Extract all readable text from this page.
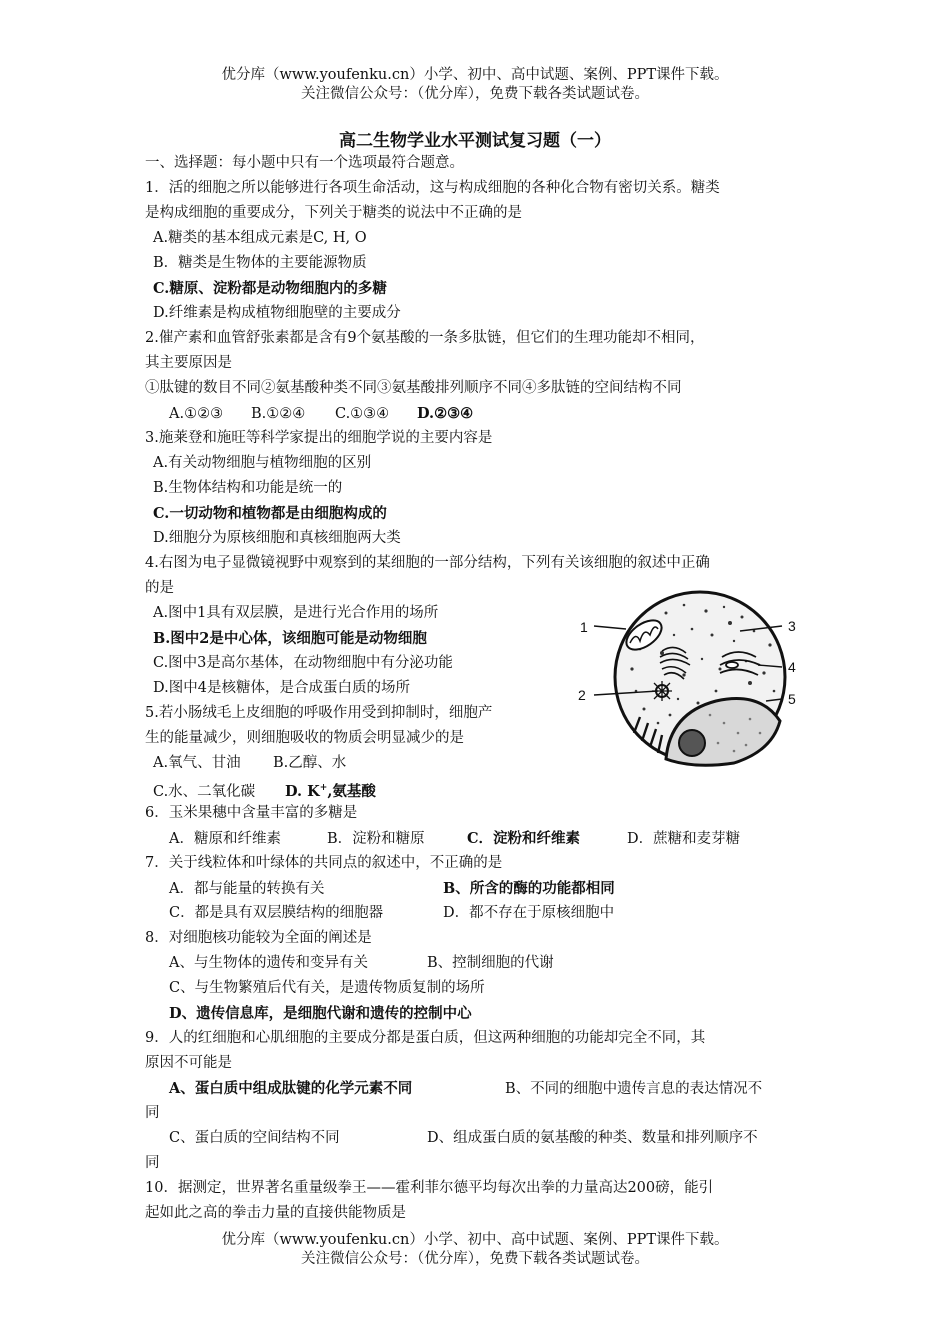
优分库（www.youfenku.cn）小学、初中、高中试题、案例、PPT课件下载。
关注微信公众号：（优分库），免费下载各类试题试卷。
高二生物学业水平测试复习题（一）
一、选择题：每小题中只有一个选项最符合题意。
1．活的细胞之所以能够进行各项生命活动，这与构成细胞的各种化合物有密切关系。糖类
是构成细胞的重要成分，下列关于糖类的说法中不正确的是
A.糖类的基本组成元素是C, H, O
B．糖类是生物体的主要能源物质
C.糖原、淀粉都是动物细胞内的多糖
D.纤维素是构成植物细胞壁的主要成分
2.催产素和血管舒张素都是含有9个氨基酸的一条多肽链，但它们的生理功能却不相同，
其主要原因是
①肽键的数目不同②氨基酸种类不同③氨基酸排列顺序不同④多肽链的空间结构不同
A.①②③ B.①②④ C.①③④ D.②③④
3.施莱登和施旺等科学家提出的细胞学说的主要内容是
A.有关动物细胞与植物细胞的区别
B.生物体结构和功能是统一的
C.一切动物和植物都是由细胞构成的
D.细胞分为原核细胞和真核细胞两大类
4.右图为电子显微镜视野中观察到的某细胞的一部分结构，下列有关该细胞的叙述中正确
的是
A.图中1具有双层膜，是进行光合作用的场所
B.图中2是中心体，该细胞可能是动物细胞
C.图中3是高尔基体，在动物细胞中有分泌功能
D.图中4是核糖体，是合成蛋白质的场所
5.若小肠绒毛上皮细胞的呼吸作用受到抑制时，细胞产
生的能量减少，则细胞吸收的物质会明显减少的是
A.氧气、甘油 B.乙醇、水
C.水、二氧化碳 D. K+,氨基酸
6．玉米果穗中含量丰富的多糖是
A．糖原和纤维素	B．淀粉和糖原	C．淀粉和纤维素	D．蔗糖和麦芽糖
7．关于线粒体和叶绿体的共同点的叙述中，不正确的是
A．都与能量的转换有关	B、所含的酶的功能都相同
C．都是具有双层膜结构的细胞器	D．都不存在于原核细胞中
8．对细胞核功能较为全面的阐述是
A、与生物体的遗传和变异有关	B、控制细胞的代谢
C、与生物繁殖后代有关，是遗传物质复制的场所
D、遗传信息库，是细胞代谢和遗传的控制中心
9．人的红细胞和心肌细胞的主要成分都是蛋白质，但这两种细胞的功能却完全不同，其
原因不可能是
A、蛋白质中组成肽键的化学元素不同	B、不同的细胞中遗传言息的表达情况不
同
C、蛋白质的空间结构不同	D、组成蛋白质的氨基酸的种类、数量和排列顺序不
同
10．据测定，世界著名重量级拳王——霍利菲尔德平均每次出拳的力量高达200磅，能引
起如此之高的拳击力量的直接供能物质是
1
2
3
4
5
优分库（www.youfenku.cn）小学、初中、高中试题、案例、PPT课件下载。
关注微信公众号：（优分库），免费下载各类试题试卷。
